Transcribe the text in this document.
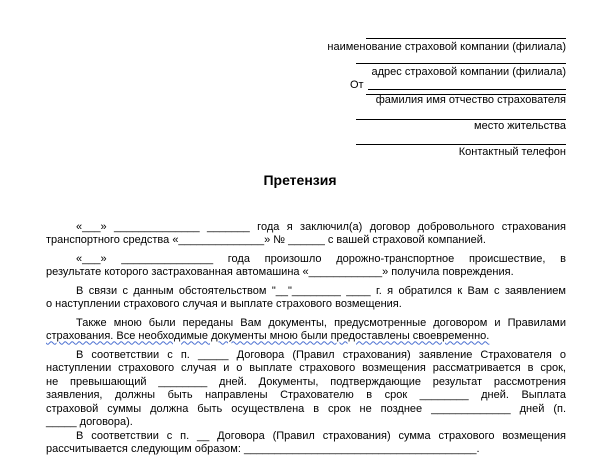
наименование страховой компании (филиала)
адрес страховой компании (филиала)
От
фамилия имя отчество страхователя
место жительства
Контактный телефон
Претензия
«___» ______________ _______ года я заключил(а) договор добровольного страхования
транспортного средства «______________» № ______ с вашей страховой компанией.
«___» _______________ года произошло дорожно-транспортное происшествие, в
результате которого застрахованная автомашина «____________» получила повреждения.
В связи с данным обстоятельством "__"________ ____ г. я обратился к Вам с заявлением
о наступлении страхового случая и выплате страхового возмещения.
Также мною были переданы Вам документы, предусмотренные договором и Правилами
страхования. Все необходимые документы мною были предоставлены своевременно.
В соответствии с п. _____ Договора (Правил страхования) заявление Страхователя о
наступлении страхового случая и о выплате страхового возмещения рассматривается в срок,
не превышающий ________ дней. Документы, подтверждающие результат рассмотрения
заявления, должны быть направлены Страхователю в срок ________ дней. Выплата
страховой суммы должна быть осуществлена в срок не позднее _____________ дней (п.
_____ договора).
В соответствии с п. __ Договора (Правил страхования) сумма страхового возмещения
рассчитывается следующим образом: ______________________________________.
